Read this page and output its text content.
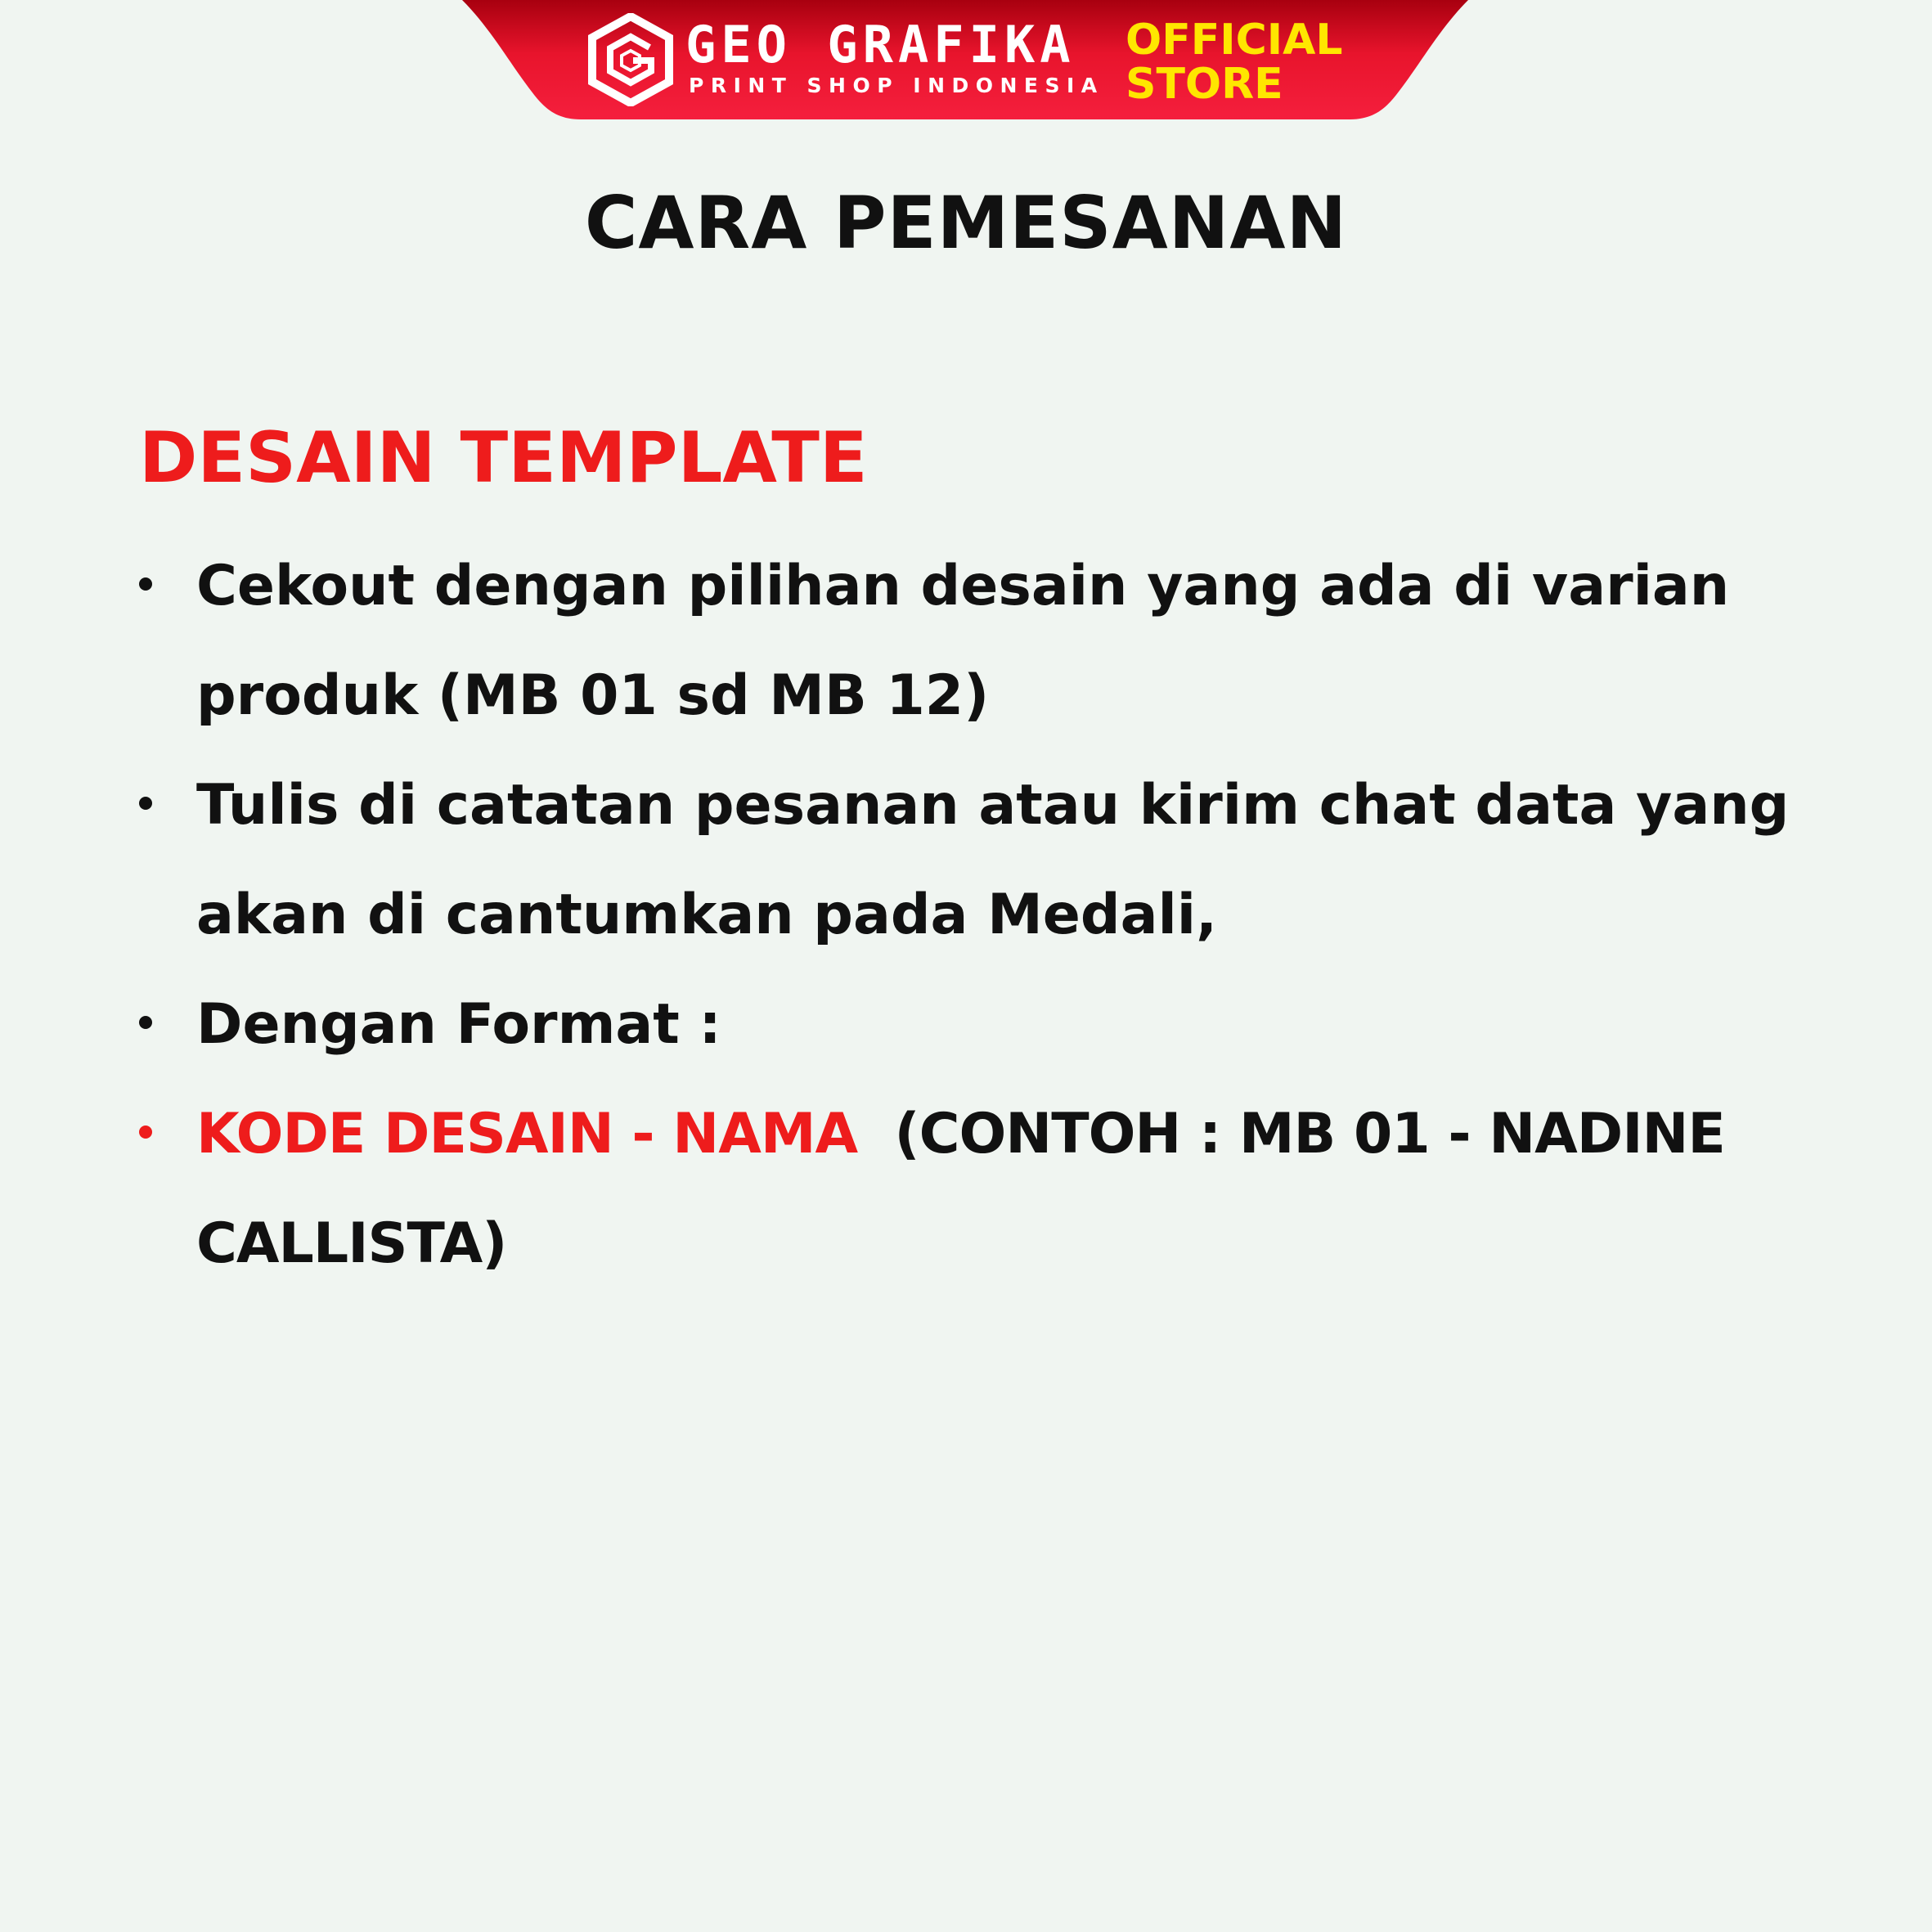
GEO GRAFIKA
PRINT SHOP INDONESIA
OFFICIAL
STORE
CARA PEMESANAN
DESAIN TEMPLATE
Cekout dengan pilihan desain yang ada di varian produk (MB 01 sd MB 12)
Tulis di catatan pesanan atau kirim chat data yang akan di cantumkan pada Medali,
Dengan Format :
KODE DESAIN - NAMA (CONTOH : MB 01 - NADINE CALLISTA)
